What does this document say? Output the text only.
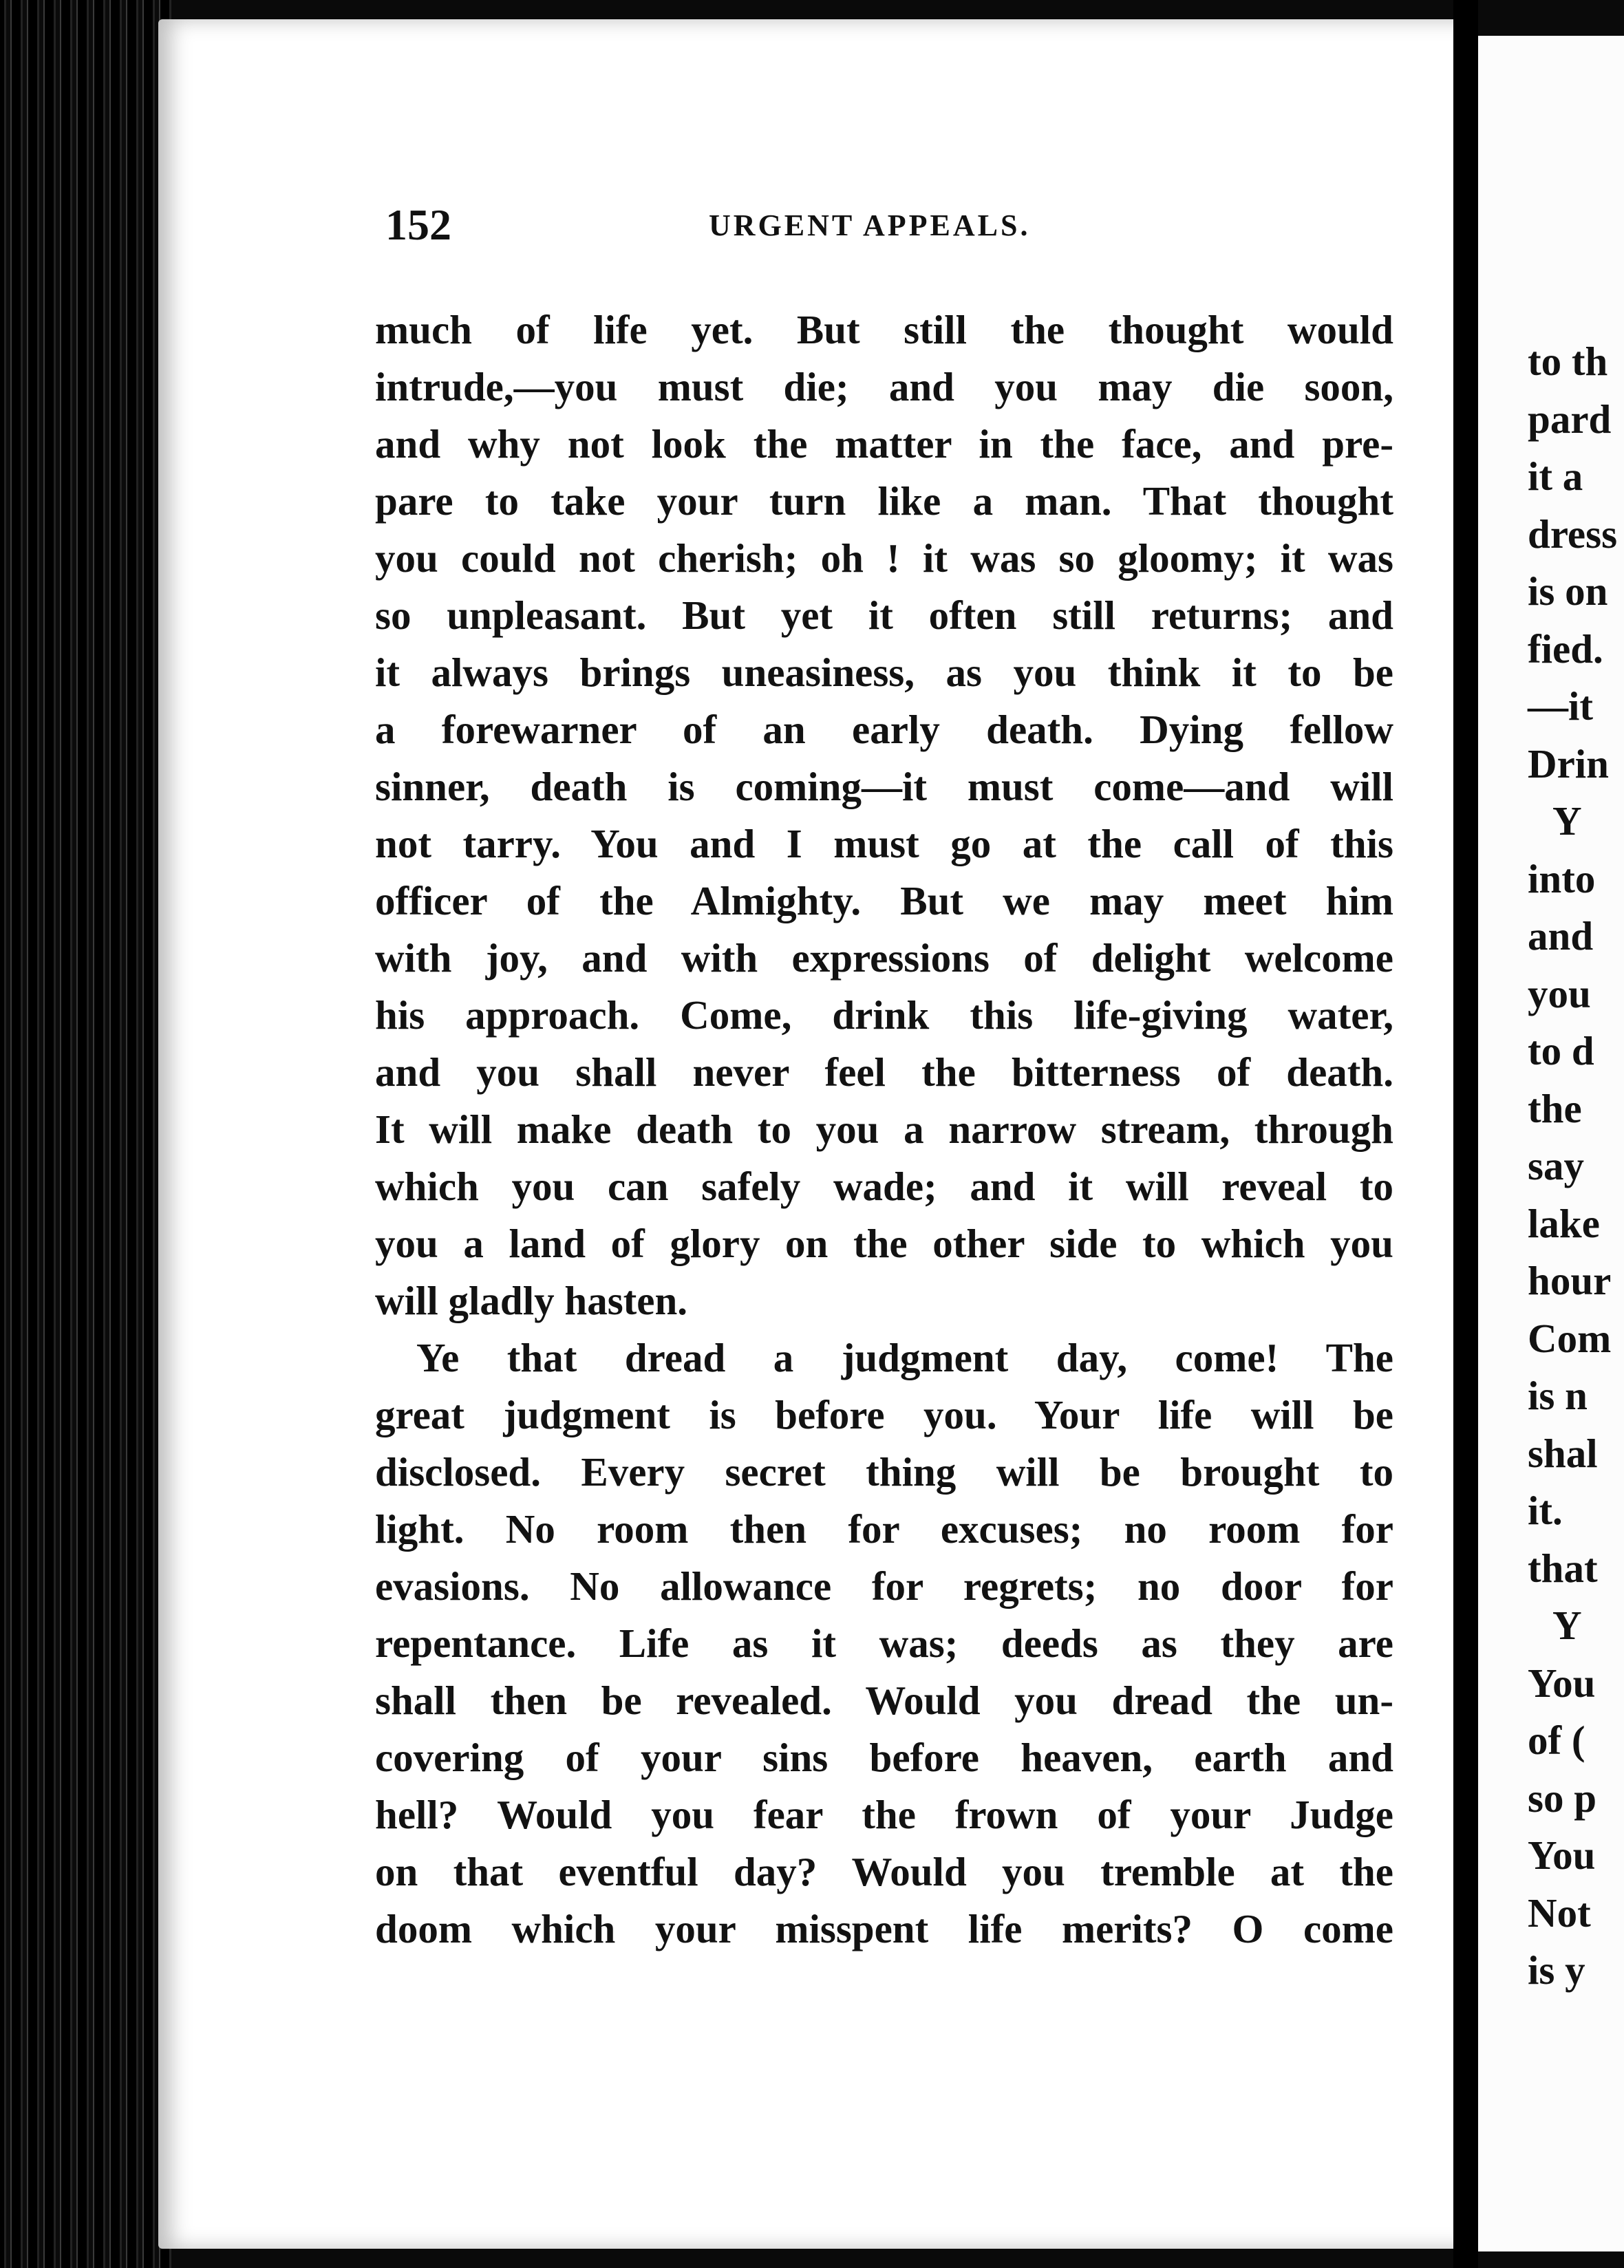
152	URGENT APPEALS.
much of life yet. But still the thought would
intrude,—you must die; and you may die soon,
and why not look the matter in the face, and pre-
pare to take your turn like a man. That thought
you could not cherish; oh ! it was so gloomy; it was
so unpleasant. But yet it often still returns; and
it always brings uneasiness, as you think it to be
a forewarner of an early death. Dying fellow
sinner, death is coming—it must come—and will
not tarry. You and I must go at the call of this
officer of the Almighty. But we may meet him
with joy, and with expressions of delight welcome
his approach. Come, drink this life-giving water,
and you shall never feel the bitterness of death.
It will make death to you a narrow stream, through
which you can safely wade; and it will reveal to
you a land of glory on the other side to which you
will gladly hasten.
Ye that dread a judgment day, come! The
great judgment is before you. Your life will be
disclosed. Every secret thing will be brought to
light. No room then for excuses; no room for
evasions. No allowance for regrets; no door for
repentance. Life as it was; deeds as they are
shall then be revealed. Would you dread the un-
covering of your sins before heaven, earth and
hell? Would you fear the frown of your Judge
on that eventful day? Would you tremble at the
doom which your misspent life merits? O come
to th
pard
it a
dress
is on
fied.
—it
Drin
Y
into
and
you
to d
the
say
lake
hour
Com
is n
shal
it.
that
Y
You
of (
so p
You
Not
is y
